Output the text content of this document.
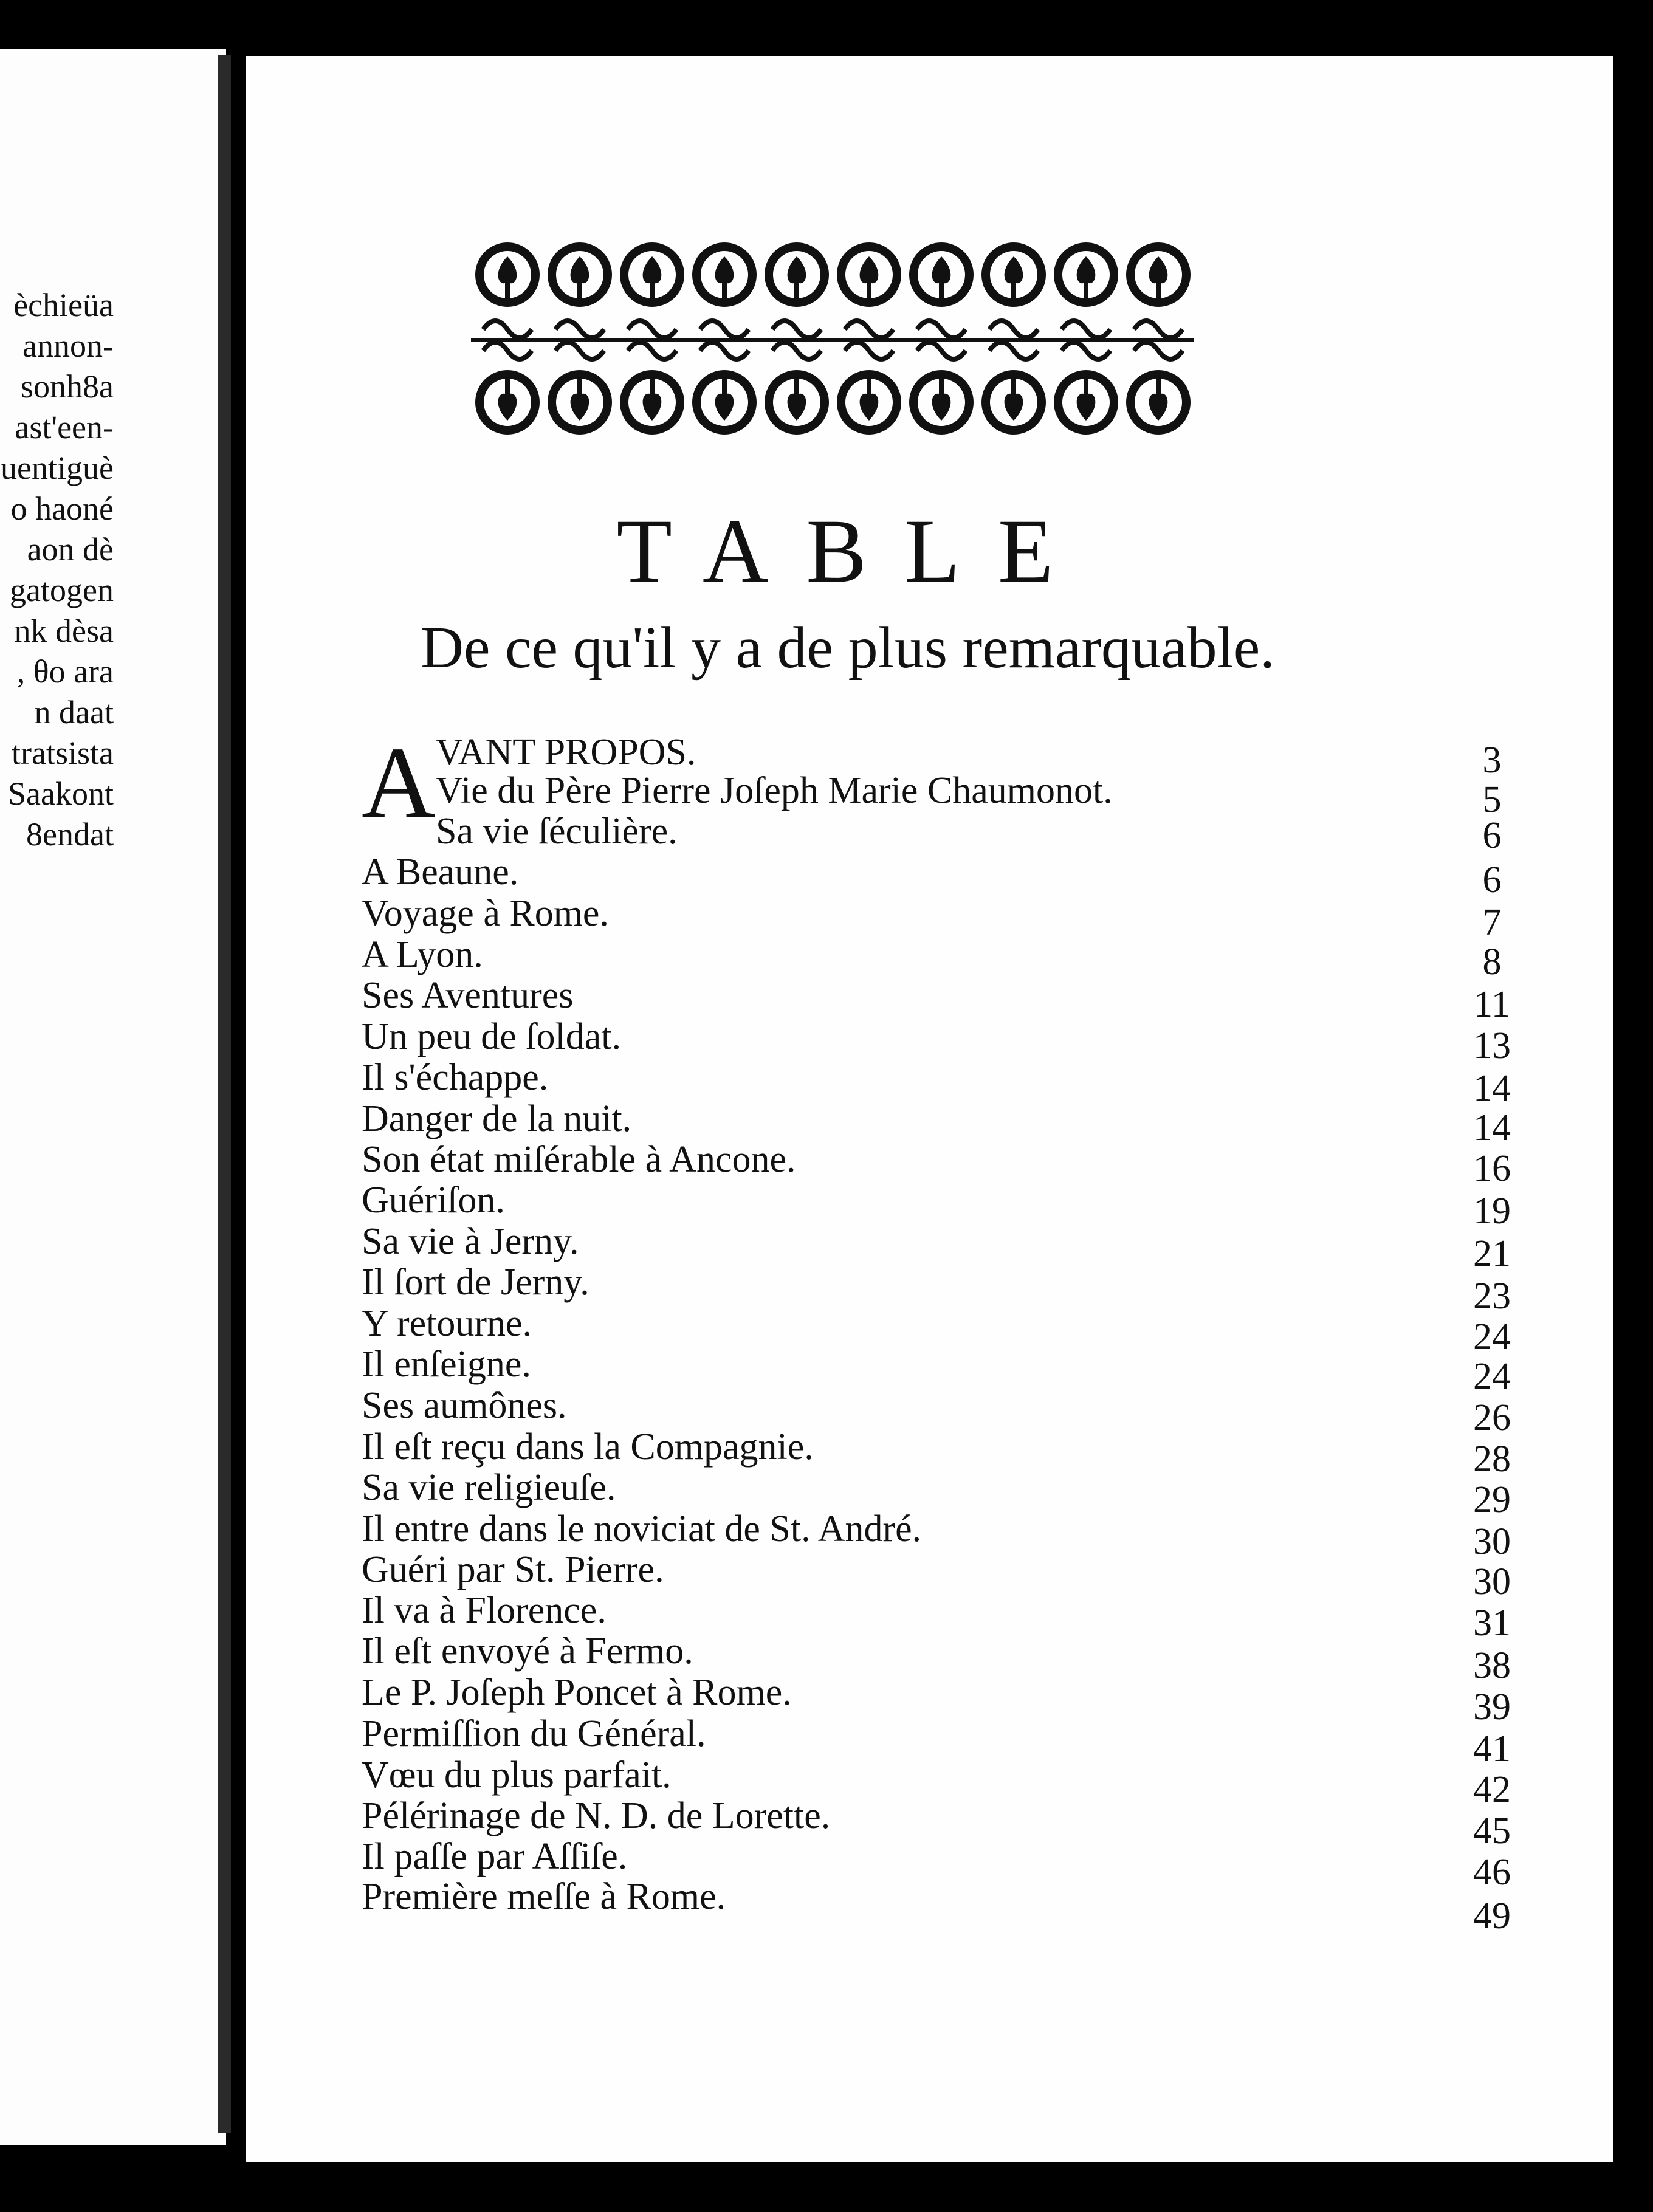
èchieüa
annon-
sonh8a
ast'een-
uentiguè
o haoné
aon dè
gatogen
nk dèsa
, θo ara
n daat
tratsista
Saakont
8endat
TABLE
De ce qu'il y a de plus remarquable.
A VANT PROPOS.	3
Vie du Père Pierre Joſeph Marie Chaumonot.	5
Sa vie ſéculière.	6
A Beaune.	6
Voyage à Rome.	7
A Lyon.	8
Ses Aventures	11
Un peu de ſoldat.	13
Il s'échappe.	14
Danger de la nuit.	14
Son état miſérable à Ancone.	16
Guériſon.	19
Sa vie à Jerny.	21
Il ſort de Jerny.	23
Y retourne.	24
Il enſeigne.	24
Ses aumônes.	26
Il eſt reçu dans la Compagnie.	28
Sa vie religieuſe.	29
Il entre dans le noviciat de St. André.	30
Guéri par St. Pierre.	30
Il va à Florence.	31
Il eſt envoyé à Fermo.	38
Le P. Joſeph Poncet à Rome.	39
Permiſſion du Général.	41
Vœu du plus parfait.	42
Pélérinage de N. D. de Lorette.	45
Il paſſe par Aſſiſe.	46
Première meſſe à Rome.	49
